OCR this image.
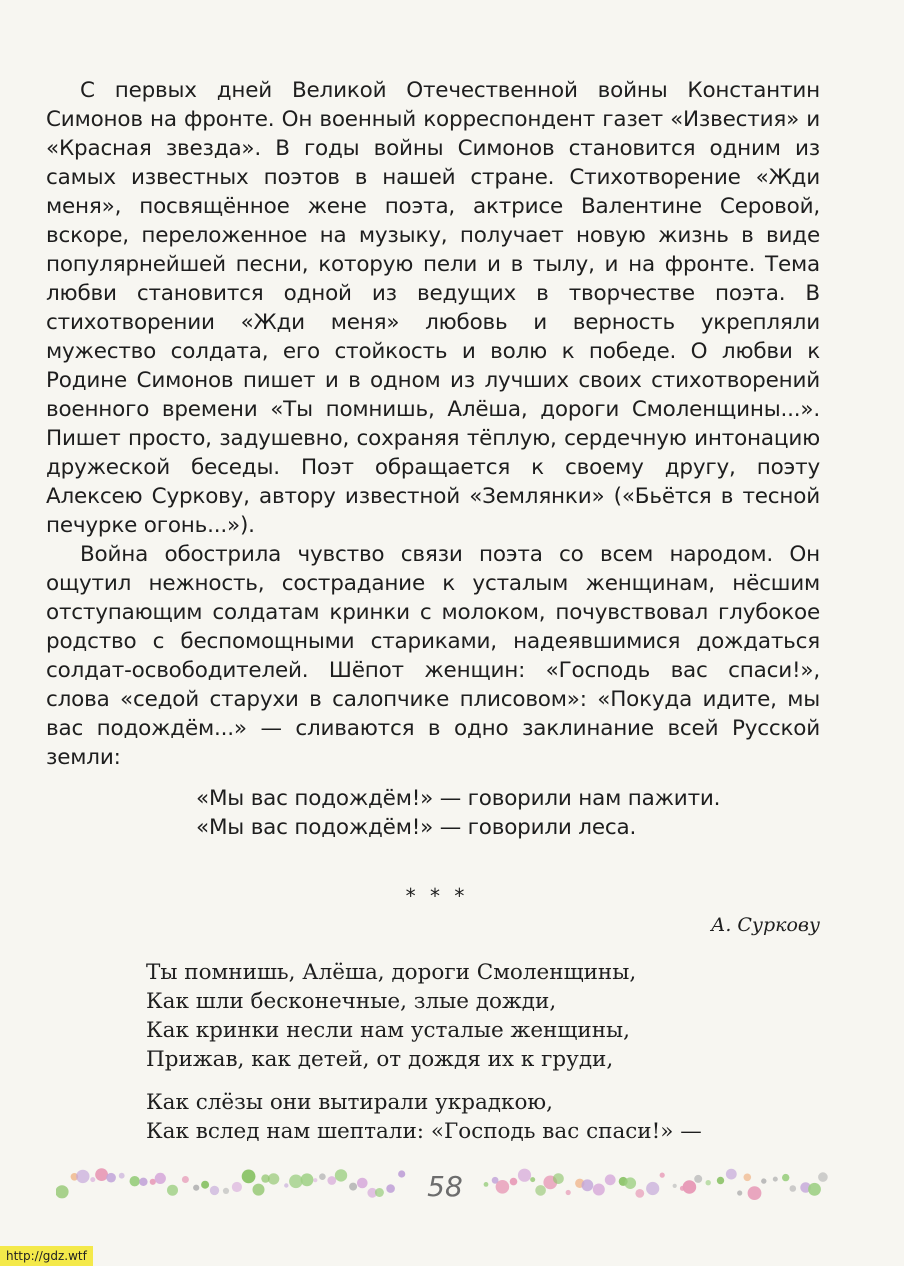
С первых дней Великой Отечественной войны Константин Симонов на фронте. Он военный корреспондент газет «Известия» и «Красная звезда». В годы войны Симонов становится одним из самых известных поэтов в нашей стране. Стихотворение «Жди меня», посвящённое жене поэта, актрисе Валентине Серовой, вскоре, переложенное на музыку, получает новую жизнь в виде популярнейшей песни, которую пели и в тылу, и на фронте. Тема любви становится одной из ведущих в творчестве поэта. В стихотворении «Жди меня» любовь и верность укрепляли мужество солдата, его стойкость и волю к победе. О любви к Родине Симонов пишет и в одном из лучших своих стихотворений военного времени «Ты помнишь, Алёша, дороги Смоленщины...». Пишет просто, задушевно, сохраняя тёплую, сердечную интонацию дружеской беседы. Поэт обращается к своему другу, поэту Алексею Суркову, автору известной «Землянки» («Бьётся в тесной печурке огонь...»).

Война обострила чувство связи поэта со всем народом. Он ощутил нежность, сострадание к усталым женщинам, нёсшим отступающим солдатам кринки с молоком, почувствовал глубокое родство с беспомощными стариками, надеявшимися дождаться солдат-освободителей. Шёпот женщин: «Господь вас спаси!», слова «седой старухи в салопчике плисовом»: «Покуда идите, мы вас подождём...» — сливаются в одно заклинание всей Русской земли:

«Мы вас подождём!» — говорили нам пажити.
«Мы вас подождём!» — говорили леса.
* * *
А. Суркову
Ты помнишь, Алёша, дороги Смоленщины,
Как шли бесконечные, злые дожди,
Как кринки несли нам усталые женщины,
Прижав, как детей, от дождя их к груди,
Как слёзы они вытирали украдкою,
Как вслед нам шептали: «Господь вас спаси!» —
58
http://gdz.wtf
